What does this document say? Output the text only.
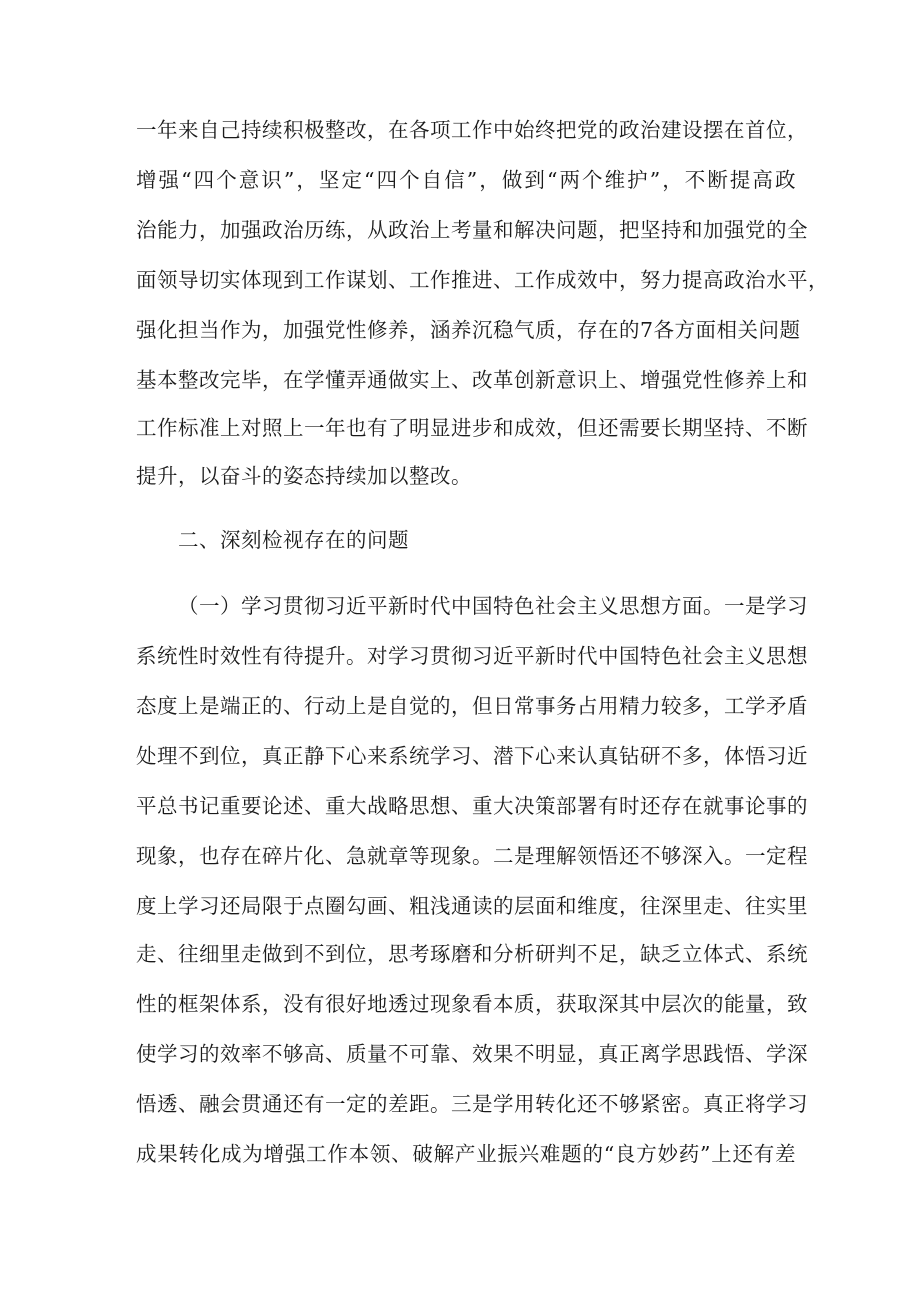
一年来自己持续积极整改，在各项工作中始终把党的政治建设摆在首位，
增强“四个意识”，坚定“四个自信”，做到“两个维护”，不断提高政
治能力，加强政治历练，从政治上考量和解决问题，把坚持和加强党的全
面领导切实体现到工作谋划、工作推进、工作成效中，努力提高政治水平，
强化担当作为，加强党性修养，涵养沉稳气质，存在的7各方面相关问题
基本整改完毕，在学懂弄通做实上、改革创新意识上、增强党性修养上和
工作标准上对照上一年也有了明显进步和成效，但还需要长期坚持、不断
提升，以奋斗的姿态持续加以整改。
二、深刻检视存在的问题
（一）学习贯彻习近平新时代中国特色社会主义思想方面。一是学习
系统性时效性有待提升。对学习贯彻习近平新时代中国特色社会主义思想
态度上是端正的、行动上是自觉的，但日常事务占用精力较多，工学矛盾
处理不到位，真正静下心来系统学习、潜下心来认真钻研不多，体悟习近
平总书记重要论述、重大战略思想、重大决策部署有时还存在就事论事的
现象，也存在碎片化、急就章等现象。二是理解领悟还不够深入。一定程
度上学习还局限于点圈勾画、粗浅通读的层面和维度，往深里走、往实里
走、往细里走做到不到位，思考琢磨和分析研判不足，缺乏立体式、系统
性的框架体系，没有很好地透过现象看本质，获取深其中层次的能量，致
使学习的效率不够高、质量不可靠、效果不明显，真正离学思践悟、学深
悟透、融会贯通还有一定的差距。三是学用转化还不够紧密。真正将学习
成果转化成为增强工作本领、破解产业振兴难题的“良方妙药”上还有差
